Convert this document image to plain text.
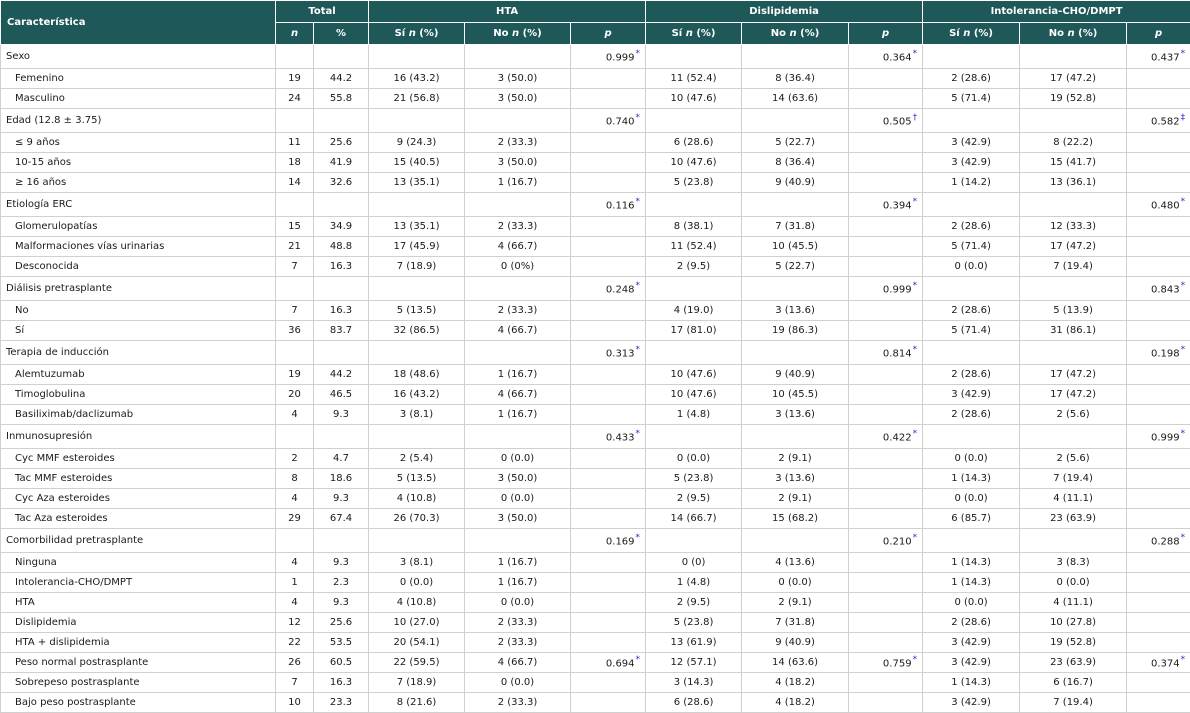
Característica	Total		HTA			Dislipidemia			Intolerancia-CHO/DMPT		
	n	%	Sí n (%)	No n (%)	p	Sí n (%)	No n (%)	p	Sí n (%)	No n (%)	p
Sexo					0.999*			0.364*			0.437*
Femenino	19	44.2	16 (43.2)	3 (50.0)		11 (52.4)	8 (36.4)		2 (28.6)	17 (47.2)	
Masculino	24	55.8	21 (56.8)	3 (50.0)		10 (47.6)	14 (63.6)		5 (71.4)	19 (52.8)	
Edad (12.8 ± 3.75)					0.740*			0.505†			0.582‡
≤ 9 años	11	25.6	9 (24.3)	2 (33.3)		6 (28.6)	5 (22.7)		3 (42.9)	8 (22.2)	
10-15 años	18	41.9	15 (40.5)	3 (50.0)		10 (47.6)	8 (36.4)		3 (42.9)	15 (41.7)	
≥ 16 años	14	32.6	13 (35.1)	1 (16.7)		5 (23.8)	9 (40.9)		1 (14.2)	13 (36.1)	
Etiología ERC					0.116*			0.394*			0.480*
Glomerulopatías	15	34.9	13 (35.1)	2 (33.3)		8 (38.1)	7 (31.8)		2 (28.6)	12 (33.3)	
Malformaciones vías urinarias	21	48.8	17 (45.9)	4 (66.7)		11 (52.4)	10 (45.5)		5 (71.4)	17 (47.2)	
Desconocida	7	16.3	7 (18.9)	0 (0%)		2 (9.5)	5 (22.7)		0 (0.0)	7 (19.4)	
Diálisis pretrasplante					0.248*			0.999*			0.843*
No	7	16.3	5 (13.5)	2 (33.3)		4 (19.0)	3 (13.6)		2 (28.6)	5 (13.9)	
Sí	36	83.7	32 (86.5)	4 (66.7)		17 (81.0)	19 (86.3)		5 (71.4)	31 (86.1)	
Terapia de inducción					0.313*			0.814*			0.198*
Alemtuzumab	19	44.2	18 (48.6)	1 (16.7)		10 (47.6)	9 (40.9)		2 (28.6)	17 (47.2)	
Timoglobulina	20	46.5	16 (43.2)	4 (66.7)		10 (47.6)	10 (45.5)		3 (42.9)	17 (47.2)	
Basiliximab/daclizumab	4	9.3	3 (8.1)	1 (16.7)		1 (4.8)	3 (13.6)		2 (28.6)	2 (5.6)	
Inmunosupresión					0.433*			0.422*			0.999*
Cyc MMF esteroides	2	4.7	2 (5.4)	0 (0.0)		0 (0.0)	2 (9.1)		0 (0.0)	2 (5.6)	
Tac MMF esteroides	8	18.6	5 (13.5)	3 (50.0)		5 (23.8)	3 (13.6)		1 (14.3)	7 (19.4)	
Cyc Aza esteroides	4	9.3	4 (10.8)	0 (0.0)		2 (9.5)	2 (9.1)		0 (0.0)	4 (11.1)	
Tac Aza esteroides	29	67.4	26 (70.3)	3 (50.0)		14 (66.7)	15 (68.2)		6 (85.7)	23 (63.9)	
Comorbilidad pretrasplante					0.169*			0.210*			0.288*
Ninguna	4	9.3	3 (8.1)	1 (16.7)		0 (0)	4 (13.6)		1 (14.3)	3 (8.3)	
Intolerancia-CHO/DMPT	1	2.3	0 (0.0)	1 (16.7)		1 (4.8)	0 (0.0)		1 (14.3)	0 (0.0)	
HTA	4	9.3	4 (10.8)	0 (0.0)		2 (9.5)	2 (9.1)		0 (0.0)	4 (11.1)	
Dislipidemia	12	25.6	10 (27.0)	2 (33.3)		5 (23.8)	7 (31.8)		2 (28.6)	10 (27.8)	
HTA + dislipidemia	22	53.5	20 (54.1)	2 (33.3)		13 (61.9)	9 (40.9)		3 (42.9)	19 (52.8)	
Peso normal postrasplante	26	60.5	22 (59.5)	4 (66.7)	0.694*	12 (57.1)	14 (63.6)	0.759*	3 (42.9)	23 (63.9)	0.374*
Sobrepeso postrasplante	7	16.3	7 (18.9)	0 (0.0)		3 (14.3)	4 (18.2)		1 (14.3)	6 (16.7)	
Bajo peso postrasplante	10	23.3	8 (21.6)	2 (33.3)		6 (28.6)	4 (18.2)		3 (42.9)	7 (19.4)	
